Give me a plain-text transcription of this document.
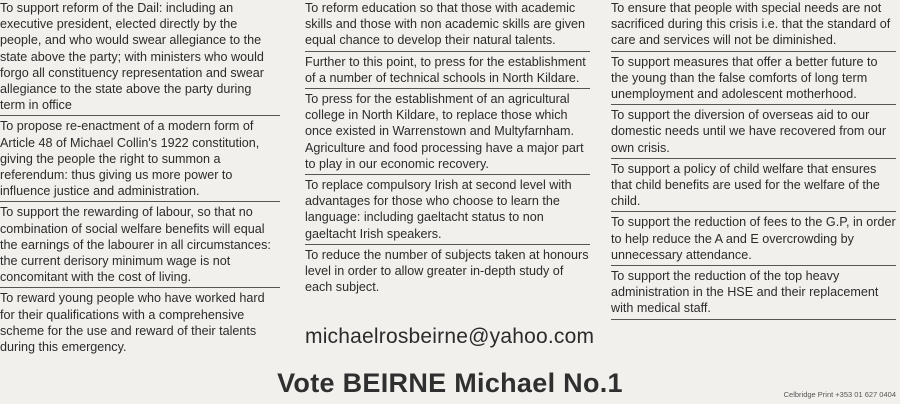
To support reform of the Dail: including an executive president, elected directly by the people, and who would swear allegiance to the state above the party; with ministers who would forgo all constituency representation and swear allegiance to the state above the party during term in office

To propose re-enactment of a modern form of Article 48 of Michael Collin's 1922 constitution, giving the people the right to summon a referendum: thus giving us more power to influence justice and administration.

To support the rewarding of labour, so that no combination of social welfare benefits will equal the earnings of the labourer in all circumstances: the current derisory minimum wage is not concomitant with the cost of living.

To reward young people who have worked hard for their qualifications with a comprehensive scheme for the use and reward of their talents during this emergency.

To reform education so that those with academic skills and those with non academic skills are given equal chance to develop their natural talents.

Further to this point, to press for the establishment of a number of technical schools in North Kildare.

To press for the establishment of an agricultural college in North Kildare, to replace those which once existed in Warrenstown and Multyfarnham. Agriculture and food processing have a major part to play in our economic recovery.

To replace compulsory Irish at second level with advantages for those who choose to learn the language: including gaeltacht status to non gaeltacht Irish speakers.

To reduce the number of subjects taken at honours level in order to allow greater in-depth study of each subject.

michaelrosbeirne@yahoo.com

To ensure that people with special needs are not sacrificed during this crisis i.e. that the standard of care and services will not be diminished.

To support measures that offer a better future to the young than the false comforts of long term unemployment and adolescent motherhood.

To support the diversion of overseas aid to our domestic needs until we have recovered from our own crisis.

To support a policy of child welfare that ensures that child benefits are used for the welfare of the child.

To support the reduction of fees to the G.P, in order to help reduce the A and E overcrowding by unnecessary attendance.

To support the reduction of the top heavy administration in the HSE and their replacement with medical staff.

Vote BEIRNE Michael No.1	Celbridge Print +353 01 627 0404
